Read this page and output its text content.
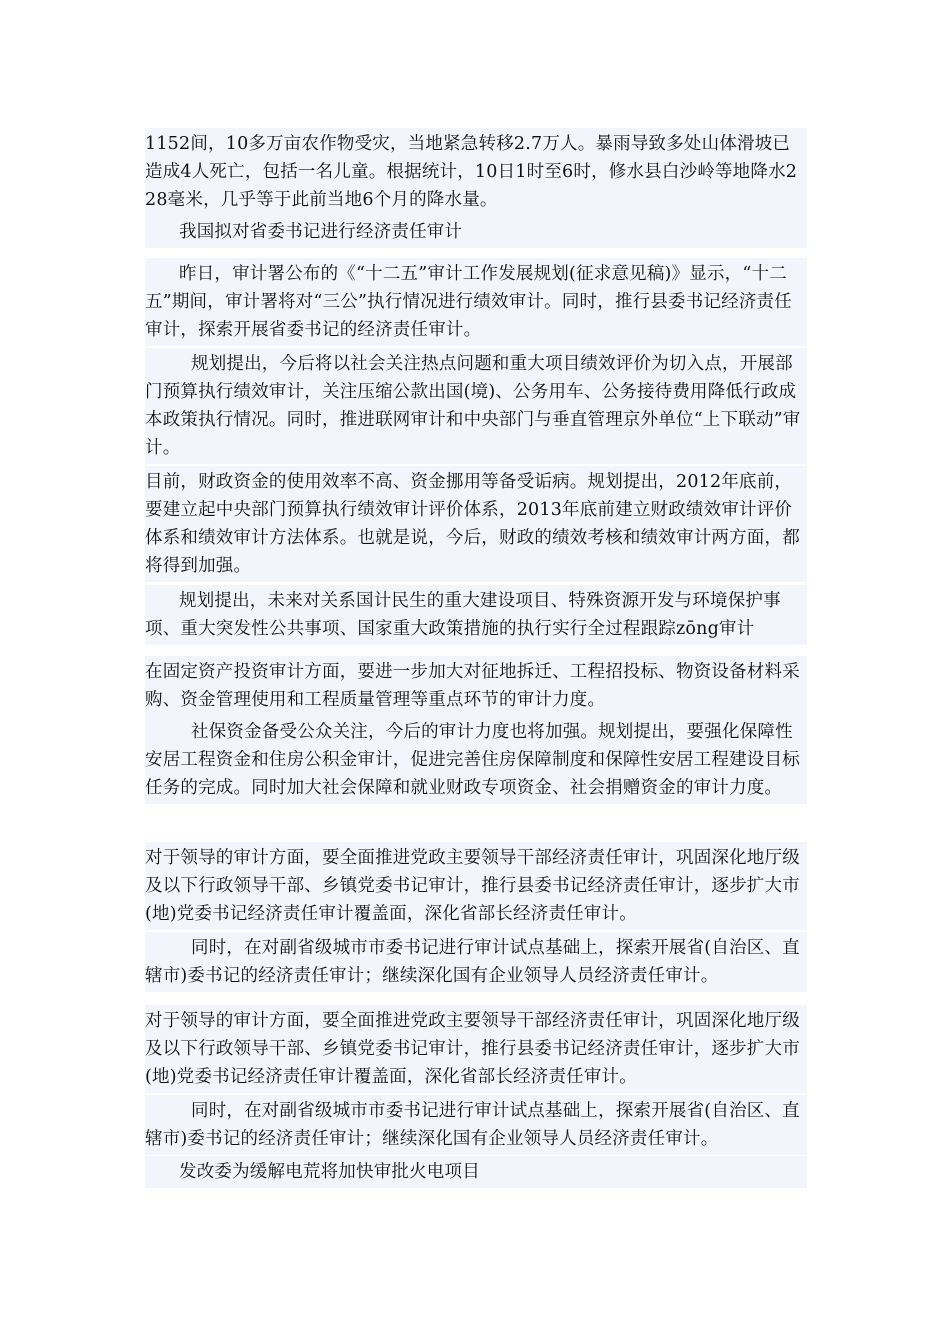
1152间，10多万亩农作物受灾，当地紧急转移2.7万人。暴雨导致多处山体滑坡已造成4人死亡，包括一名儿童。根据统计，10日1时至6时，修水县白沙岭等地降水228毫米，几乎等于此前当地6个月的降水量。
我国拟对省委书记进行经济责任审计
昨日，审计署公布的《“十二五”审计工作发展规划(征求意见稿)》显示，“十二五”期间，审计署将对“三公”执行情况进行绩效审计。同时，推行县委书记经济责任审计，探索开展省委书记的经济责任审计。
规划提出，今后将以社会关注热点问题和重大项目绩效评价为切入点，开展部门预算执行绩效审计，关注压缩公款出国(境)、公务用车、公务接待费用降低行政成本政策执行情况。同时，推进联网审计和中央部门与垂直管理京外单位“上下联动”审计。
目前，财政资金的使用效率不高、资金挪用等备受诟病。规划提出，2012年底前，要建立起中央部门预算执行绩效审计评价体系，2013年底前建立财政绩效审计评价体系和绩效审计方法体系。也就是说，今后，财政的绩效考核和绩效审计两方面，都将得到加强。
规划提出，未来对关系国计民生的重大建设项目、特殊资源开发与环境保护事项、重大突发性公共事项、国家重大政策措施的执行实行全过程跟踪zōng审计
在固定资产投资审计方面，要进一步加大对征地拆迁、工程招投标、物资设备材料采购、资金管理使用和工程质量管理等重点环节的审计力度。
社保资金备受公众关注，今后的审计力度也将加强。规划提出，要强化保障性安居工程资金和住房公积金审计，促进完善住房保障制度和保障性安居工程建设目标任务的完成。同时加大社会保障和就业财政专项资金、社会捐赠资金的审计力度。
对于领导的审计方面，要全面推进党政主要领导干部经济责任审计，巩固深化地厅级及以下行政领导干部、乡镇党委书记审计，推行县委书记经济责任审计，逐步扩大市(地)党委书记经济责任审计覆盖面，深化省部长经济责任审计。
同时，在对副省级城市市委书记进行审计试点基础上，探索开展省(自治区、直辖市)委书记的经济责任审计；继续深化国有企业领导人员经济责任审计。
对于领导的审计方面，要全面推进党政主要领导干部经济责任审计，巩固深化地厅级及以下行政领导干部、乡镇党委书记审计，推行县委书记经济责任审计，逐步扩大市(地)党委书记经济责任审计覆盖面，深化省部长经济责任审计。
同时，在对副省级城市市委书记进行审计试点基础上，探索开展省(自治区、直辖市)委书记的经济责任审计；继续深化国有企业领导人员经济责任审计。
发改委为缓解电荒将加快审批火电项目
